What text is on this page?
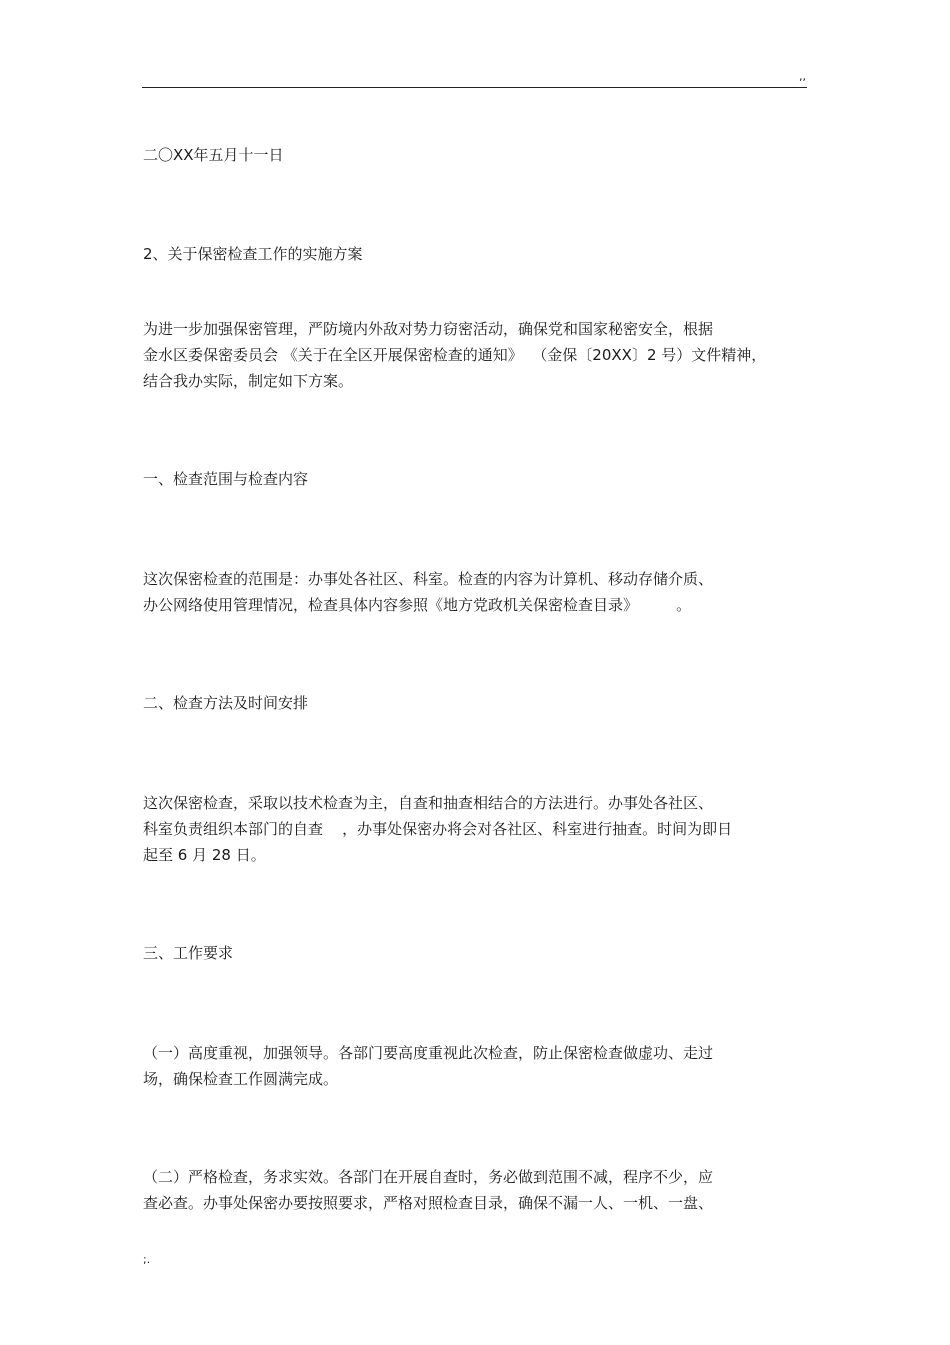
,,
二〇XX年五月十一日
2、关于保密检查工作的实施方案
为进一步加强保密管理，严防境内外敌对势力窃密活动，确保党和国家秘密安全，根据
金水区委保密委员会 《关于在全区开展保密检查的通知》  （金保〔20XX〕2 号）文件精神，
结合我办实际，制定如下方案。
一、检查范围与检查内容
这次保密检查的范围是：办事处各社区、科室。检查的内容为计算机、移动存储介质、
办公网络使用管理情况，检查具体内容参照《地方党政机关保密检查目录》        。
二、检查方法及时间安排
这次保密检查，采取以技术检查为主，自查和抽查相结合的方法进行。办事处各社区、
科室负责组织本部门的自查    ，办事处保密办将会对各社区、科室进行抽查。时间为即日
起至 6 月 28 日。
三、工作要求
（一）高度重视，加强领导。各部门要高度重视此次检查，防止保密检查做虚功、走过
场，确保检查工作圆满完成。
（二）严格检查，务求实效。各部门在开展自查时，务必做到范围不减，程序不少，应
查必查。办事处保密办要按照要求，严格对照检查目录，确保不漏一人、一机、一盘、
;.
